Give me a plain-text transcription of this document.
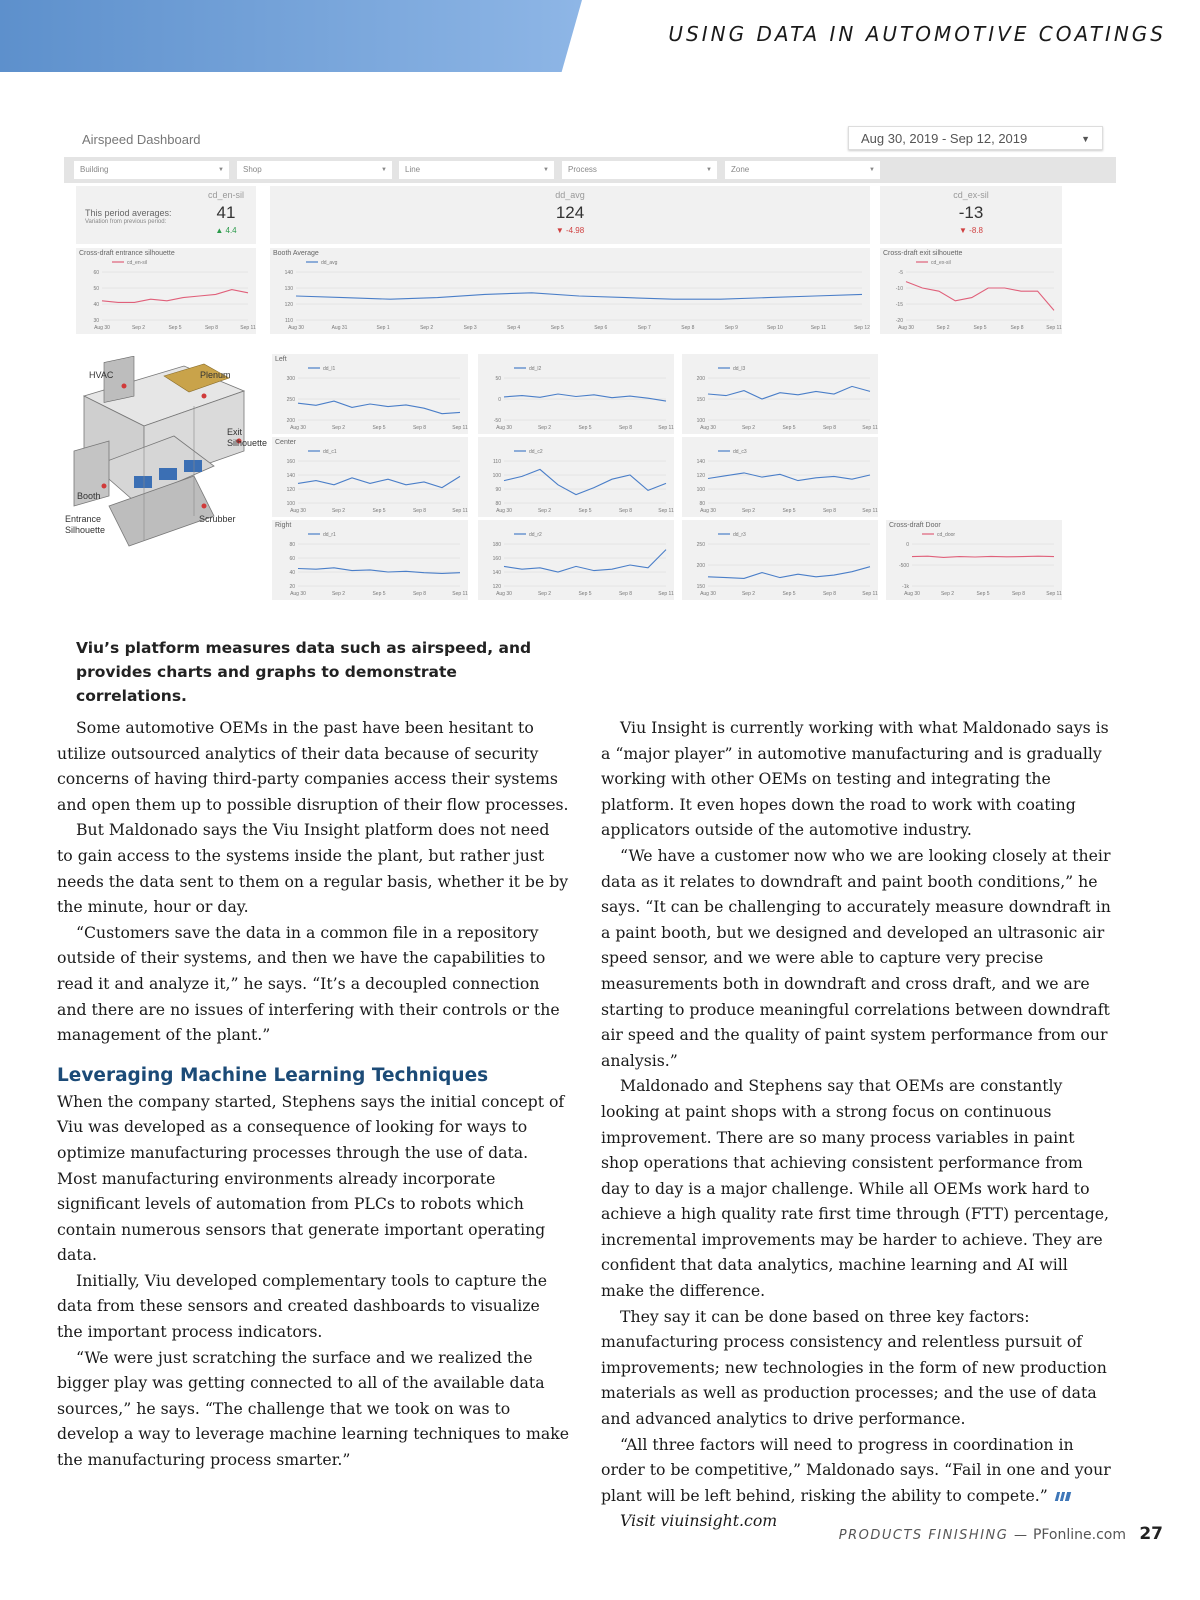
USING DATA IN AUTOMOTIVE COATINGS
Airspeed Dashboard	Aug 30, 2019 - Sep 12, 2019	▼
Building	▼	Shop	▼	Line	▼	Process	▼	Zone	▼
This period averages:
Variation from previous period:
cd_en-sil
41
▲ 4.4
dd_avg
124
▼ -4.98
cd_ex-sil
-13
▼ -8.8
Cross-draft entrance silhouette
cd_en-sil
60
50
40
30
Aug 30	Sep 2	Sep 5	Sep 8	Sep 11
Booth Average
dd_avg
140
130
120
110
Aug 30	Aug 31	Sep 1	Sep 2	Sep 3	Sep 4	Sep 5	Sep 6	Sep 7	Sep 8	Sep 9	Sep 10	Sep 11	Sep 12
Cross-draft exit silhouette
cd_ex-sil
-5
-10
-15
-20
Aug 30	Sep 2	Sep 5	Sep 8	Sep 11
HVAC	Plenum
Exit
Silhouette
Booth
Entrance
Silhouette
Scrubber
Left
dd_l1
300
250
200
Aug 30	Sep 2	Sep 5	Sep 8	Sep 11
dd_l2
50
0
-50
Aug 30	Sep 2	Sep 5	Sep 8	Sep 11
dd_l3
200
150
100
Aug 30	Sep 2	Sep 5	Sep 8	Sep 11
Center
dd_c1
160
140
120
100
Aug 30	Sep 2	Sep 5	Sep 8	Sep 11
dd_c2
110
100
90
80
Aug 30	Sep 2	Sep 5	Sep 8	Sep 11
dd_c3
140
120
100
80
Aug 30	Sep 2	Sep 5	Sep 8	Sep 11
Right
dd_r1
80
60
40
20
Aug 30	Sep 2	Sep 5	Sep 8	Sep 11
dd_r2
180
160
140
120
Aug 30	Sep 2	Sep 5	Sep 8	Sep 11
dd_r3
250
200
150
Aug 30	Sep 2	Sep 5	Sep 8	Sep 11
Cross-draft Door
cd_door
0
-500
-1k
Aug 30	Sep 2	Sep 5	Sep 8	Sep 11
Viu’s platform measures data such as airspeed, and provides charts and graphs to demonstrate correlations.

Some automotive OEMs in the past have been hesitant to utilize outsourced analytics of their data because of security concerns of having third-party companies access their systems and open them up to possible disruption of their flow processes.

But Maldonado says the Viu Insight platform does not need to gain access to the systems inside the plant, but rather just needs the data sent to them on a regular basis, whether it be by the minute, hour or day.

“Customers save the data in a common file in a repository outside of their systems, and then we have the capabilities to read it and analyze it,” he says. “It’s a decoupled connection and there are no issues of interfering with their controls or the management of the plant.”

Leveraging Machine Learning Techniques

When the company started, Stephens says the initial concept of Viu was developed as a consequence of looking for ways to optimize manufacturing processes through the use of data. Most manufacturing environments already incorporate significant levels of automation from PLCs to robots which contain numerous sensors that generate important operating data.

Initially, Viu developed complementary tools to capture the data from these sensors and created dashboards to visualize the important process indicators.

“We were just scratching the surface and we realized the bigger play was getting connected to all of the available data sources,” he says. “The challenge that we took on was to develop a way to leverage machine learning techniques to make the manufacturing process smarter.”

Viu Insight is currently working with what Maldonado says is a “major player” in automotive manufacturing and is gradually working with other OEMs on testing and integrating the platform. It even hopes down the road to work with coating applicators outside of the automotive industry.

“We have a customer now who we are looking closely at their data as it relates to downdraft and paint booth conditions,” he says. “It can be challenging to accurately measure downdraft in a paint booth, but we designed and developed an ultrasonic air speed sensor, and we were able to capture very precise measurements both in downdraft and cross draft, and we are starting to produce meaningful correlations between downdraft air speed and the quality of paint system performance from our analysis.”

Maldonado and Stephens say that OEMs are constantly looking at paint shops with a strong focus on continuous improvement. There are so many process variables in paint shop operations that achieving consistent performance from day to day is a major challenge. While all OEMs work hard to achieve a high quality rate first time through (FTT) percentage, incremental improvements may be harder to achieve. They are confident that data analytics, machine learning and AI will make the difference.

They say it can be done based on three key factors: manufacturing process consistency and relentless pursuit of improvements; new technologies in the form of new production materials as well as production processes; and the use of data and advanced analytics to drive performance.

“All three factors will need to progress in coordination in order to be competitive,” Maldonado says. “Fail in one and your plant will be left behind, risking the ability to compete.”

Visit viuinsight.com

PRODUCTS FINISHING — PFonline.com 27
